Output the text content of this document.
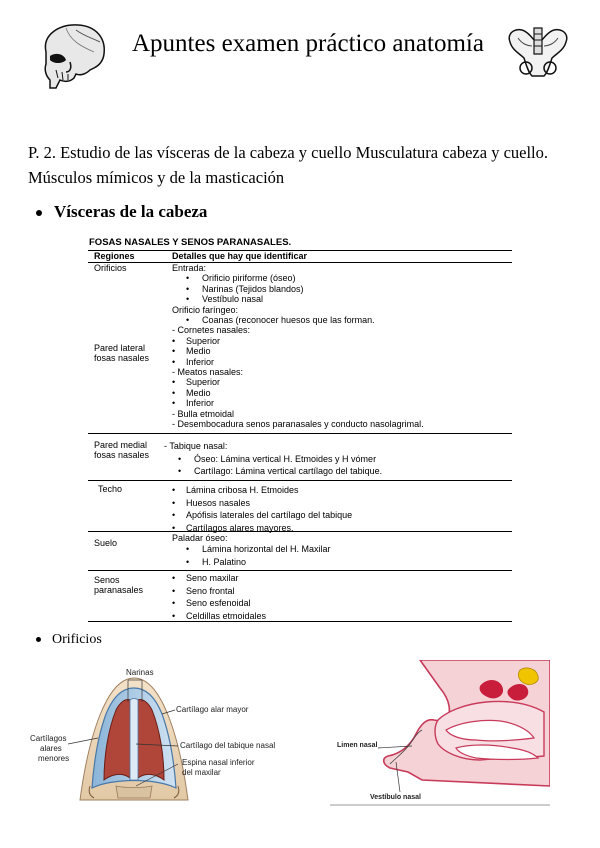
Apuntes examen práctico anatomía
P. 2. Estudio de las vísceras de la cabeza y cuello Musculatura cabeza y cuello.
Músculos mímicos y de la masticación
Vísceras de la cabeza
FOSAS NASALES Y SENOS PARANASALES.
Regiones	Detalles que hay que identificar
Orificios	Entrada:
• Orificio piriforme (óseo)
• Narinas (Tejidos blandos)
• Vestíbulo nasal
Orificio faríngeo:
• Coanas (reconocer huesos que las forman.
- Cornetes nasales:
• Superior
• Medio
• Inferior
- Meatos nasales:
• Superior
• Medio
• Inferior
- Bulla etmoidal
- Desembocadura senos paranasales y conducto nasolagrimal.
Pared lateral
fosas nasales
Pared medial
fosas nasales
- Tabique nasal:
• Óseo: Lámina vertical H. Etmoides y H vómer
• Cartílago: Lámina vertical cartílago del tabique.
Techo
•	Lámina cribosa H. Etmoides
• Huesos nasales
• Apófisis laterales del cartílago del tabique
• Cartílagos alares mayores.
Suelo	Paladar óseo:
• Lámina horizontal del H. Maxilar
• H. Palatino
Senos
paranasales
• Seno maxilar
• Seno frontal
• Seno esfenoidal
• Celdillas etmoidales
Orificios
Narinas
Cartílago alar mayor
Cartílagos
alares
menores
Cartílago del tabique nasal
Espina nasal inferior
del maxilar
Limen nasal
Vestíbulo nasal
